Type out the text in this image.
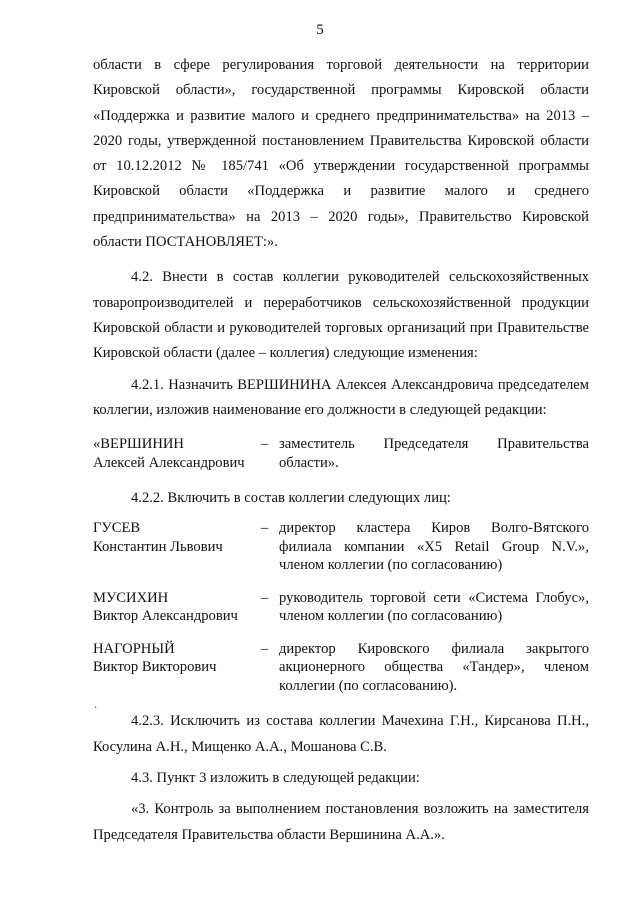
5

области в сфере регулирования торговой деятельности на территории Кировской области», государственной программы Кировской области «Поддержка и развитие малого и среднего предпринимательства» на 2013 – 2020 годы, утвержденной постановлением Правительства Кировской области от 10.12.2012 № 185/741 «Об утверждении государственной программы Кировской области «Поддержка и развитие малого и среднего предпринимательства» на 2013 – 2020 годы», Правительство Кировской области ПОСТАНОВЛЯЕТ:».

4.2. Внести в состав коллегии руководителей сельскохозяйственных товаропроизводителей и переработчиков сельскохозяйственной продукции Кировской области и руководителей торговых организаций при Правительстве Кировской области (далее – коллегия) следующие изменения:

4.2.1. Назначить ВЕРШИНИНА Алексея Александровича председателем коллегии, изложив наименование его должности в следующей редакции:

«ВЕРШИНИН
Алексей Александрович
– заместитель Председателя Правительства
области».

4.2.2. Включить в состав коллегии следующих лиц:

ГУСЕВ
Константин Львович
– директор кластера Киров Волго-Вятского филиала компании «X5 Retail Group N.V.», членом коллегии (по согласованию)
МУСИХИН
Виктор Александрович
– руководитель торговой сети «Система Глобус», членом коллегии (по согласованию)
НАГОРНЫЙ
Виктор Викторович
– директор Кировского филиала закрытого акционерного общества «Тандер», членом коллегии (по согласованию).

4.2.3. Исключить из состава коллегии Мачехина Г.Н., Кирсанова П.Н., Косулина А.Н., Мищенко А.А., Мошанова С.В.

4.3. Пункт 3 изложить в следующей редакции:

«3. Контроль за выполнением постановления возложить на заместителя Председателя Правительства области Вершинина А.А.».

·
